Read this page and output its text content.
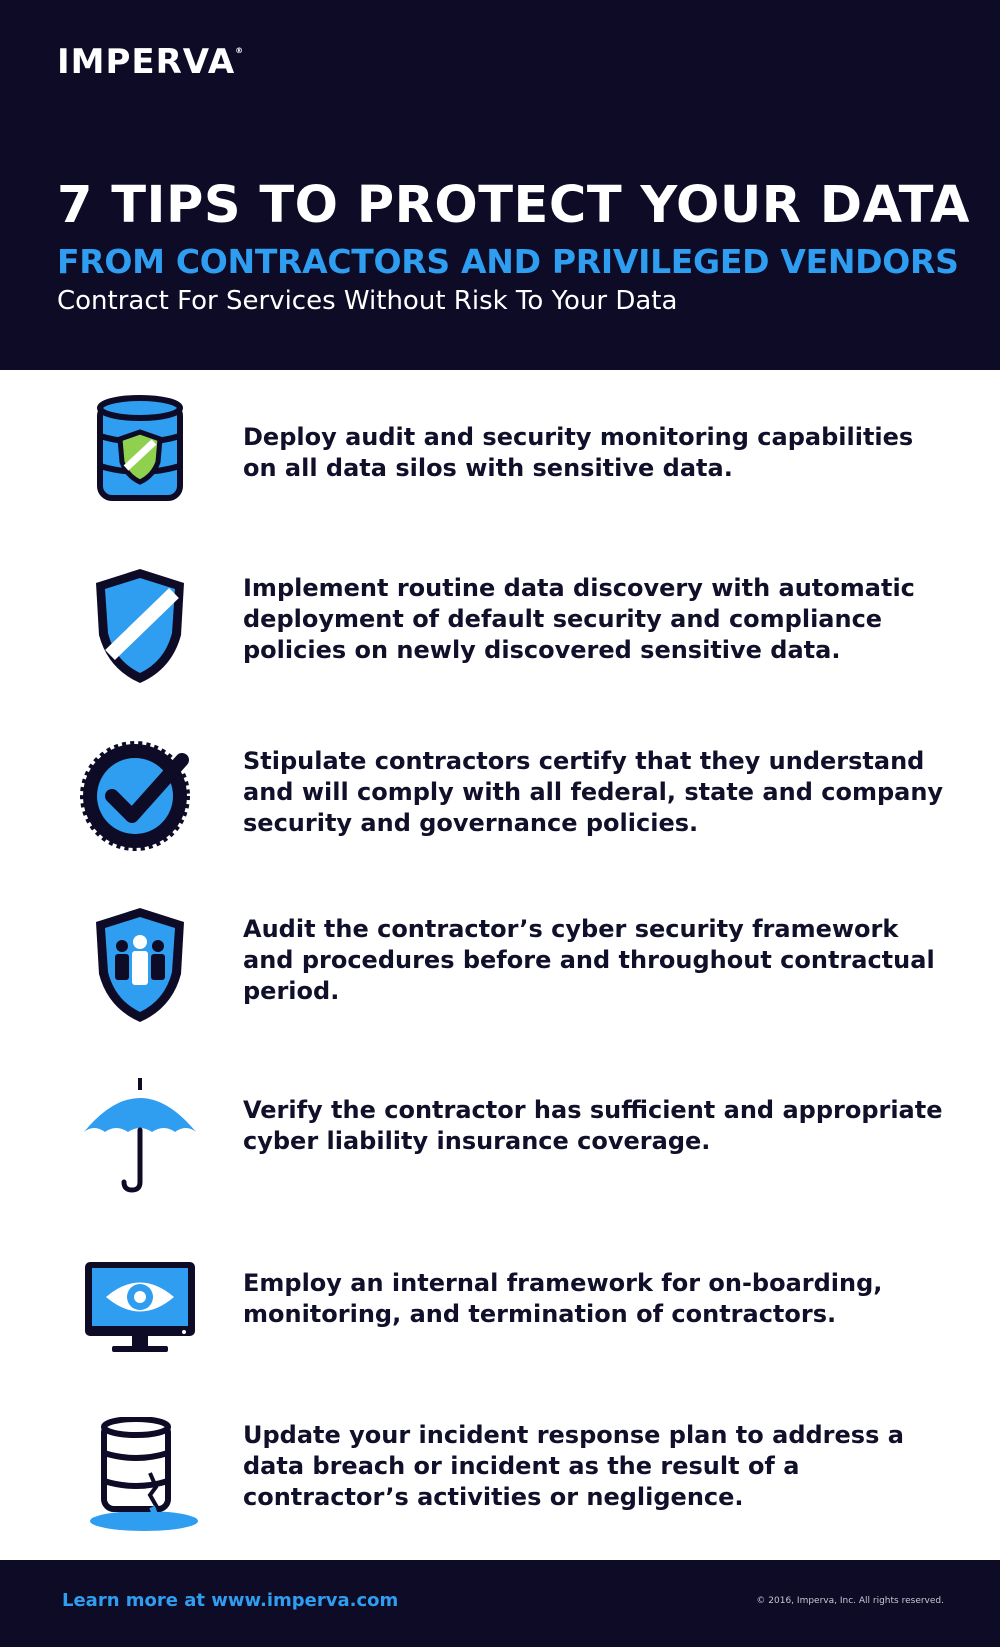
IMPERVA®
7 TIPS TO PROTECT YOUR DATA
FROM CONTRACTORS AND PRIVILEGED VENDORS
Contract For Services Without Risk To Your Data
Deploy audit and security monitoring capabilities on all data silos with sensitive data.
Implement routine data discovery with automatic deployment of default security and compliance policies on newly discovered sensitive data.
Stipulate contractors certify that they understand and will comply with all federal, state and company security and governance policies.
Audit the contractor’s cyber security framework and procedures before and throughout contractual period.
Verify the contractor has sufficient and appropriate cyber liability insurance coverage.
Employ an internal framework for on-boarding, monitoring, and termination of contractors.
Update your incident response plan to address a data breach or incident as the result of a contractor’s activities or negligence.
Learn more at www.imperva.com	© 2016, Imperva, Inc. All rights reserved.
